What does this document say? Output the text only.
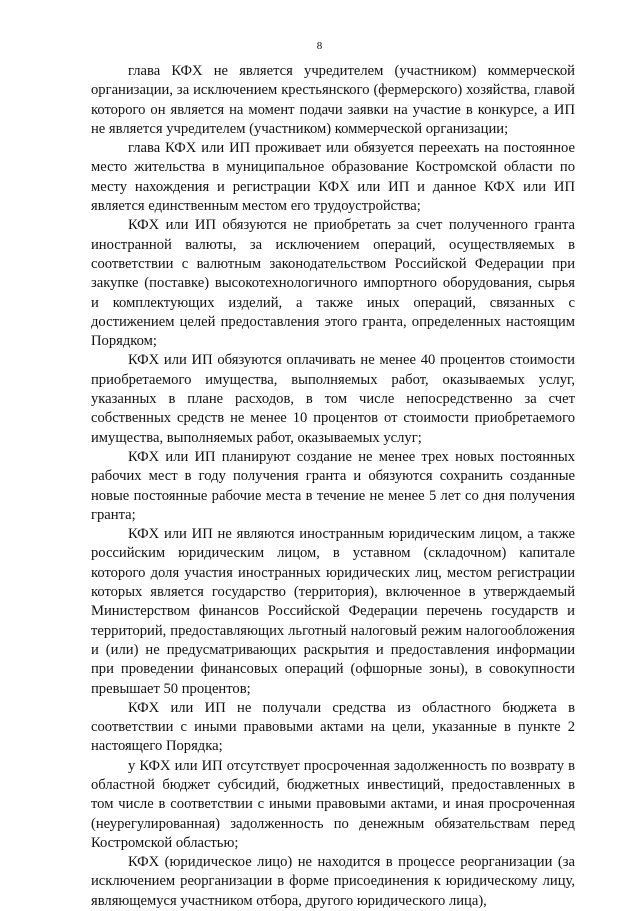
8

глава КФХ не является учредителем (участником) коммерческой организации, за исключением крестьянского (фермерского) хозяйства, главой которого он является на момент подачи заявки на участие в конкурсе, а ИП не является учредителем (участником) коммерческой организации;

глава КФХ или ИП проживает или обязуется переехать на постоянное место жительства в муниципальное образование Костромской области по месту нахождения и регистрации КФХ или ИП и данное КФХ или ИП является единственным местом его трудоустройства;

КФХ или ИП обязуются не приобретать за счет полученного гранта иностранной валюты, за исключением операций, осуществляемых в соответствии с валютным законодательством Российской Федерации при закупке (поставке) высокотехнологичного импортного оборудования, сырья и комплектующих изделий, а также иных операций, связанных с достижением целей предоставления этого гранта, определенных настоящим Порядком;

КФХ или ИП обязуются оплачивать не менее 40 процентов стоимости приобретаемого имущества, выполняемых работ, оказываемых услуг, указанных в плане расходов, в том числе непосредственно за счет собственных средств не менее 10 процентов от стоимости приобретаемого имущества, выполняемых работ, оказываемых услуг;

КФХ или ИП планируют создание не менее трех новых постоянных рабочих мест в году получения гранта и обязуются сохранить созданные новые постоянные рабочие места в течение не менее 5 лет со дня получения гранта;

КФХ или ИП не являются иностранным юридическим лицом, а также российским юридическим лицом, в уставном (складочном) капитале которого доля участия иностранных юридических лиц, местом регистрации которых является государство (территория), включенное в утверждаемый Министерством финансов Российской Федерации перечень государств и территорий, предоставляющих льготный налоговый режим налогообложения и (или) не предусматривающих раскрытия и предоставления информации при проведении финансовых операций (офшорные зоны), в совокупности превышает 50 процентов;

КФХ или ИП не получали средства из областного бюджета в соответствии с иными правовыми актами на цели, указанные в пункте 2 настоящего Порядка;

у КФХ или ИП отсутствует просроченная задолженность по возврату в областной бюджет субсидий, бюджетных инвестиций, предоставленных в том числе в соответствии с иными правовыми актами, и иная просроченная (неурегулированная) задолженность по денежным обязательствам перед Костромской областью;

КФХ (юридическое лицо) не находится в процессе реорганизации (за исключением реорганизации в форме присоединения к юридическому лицу, являющемуся участником отбора, другого юридического лица),
